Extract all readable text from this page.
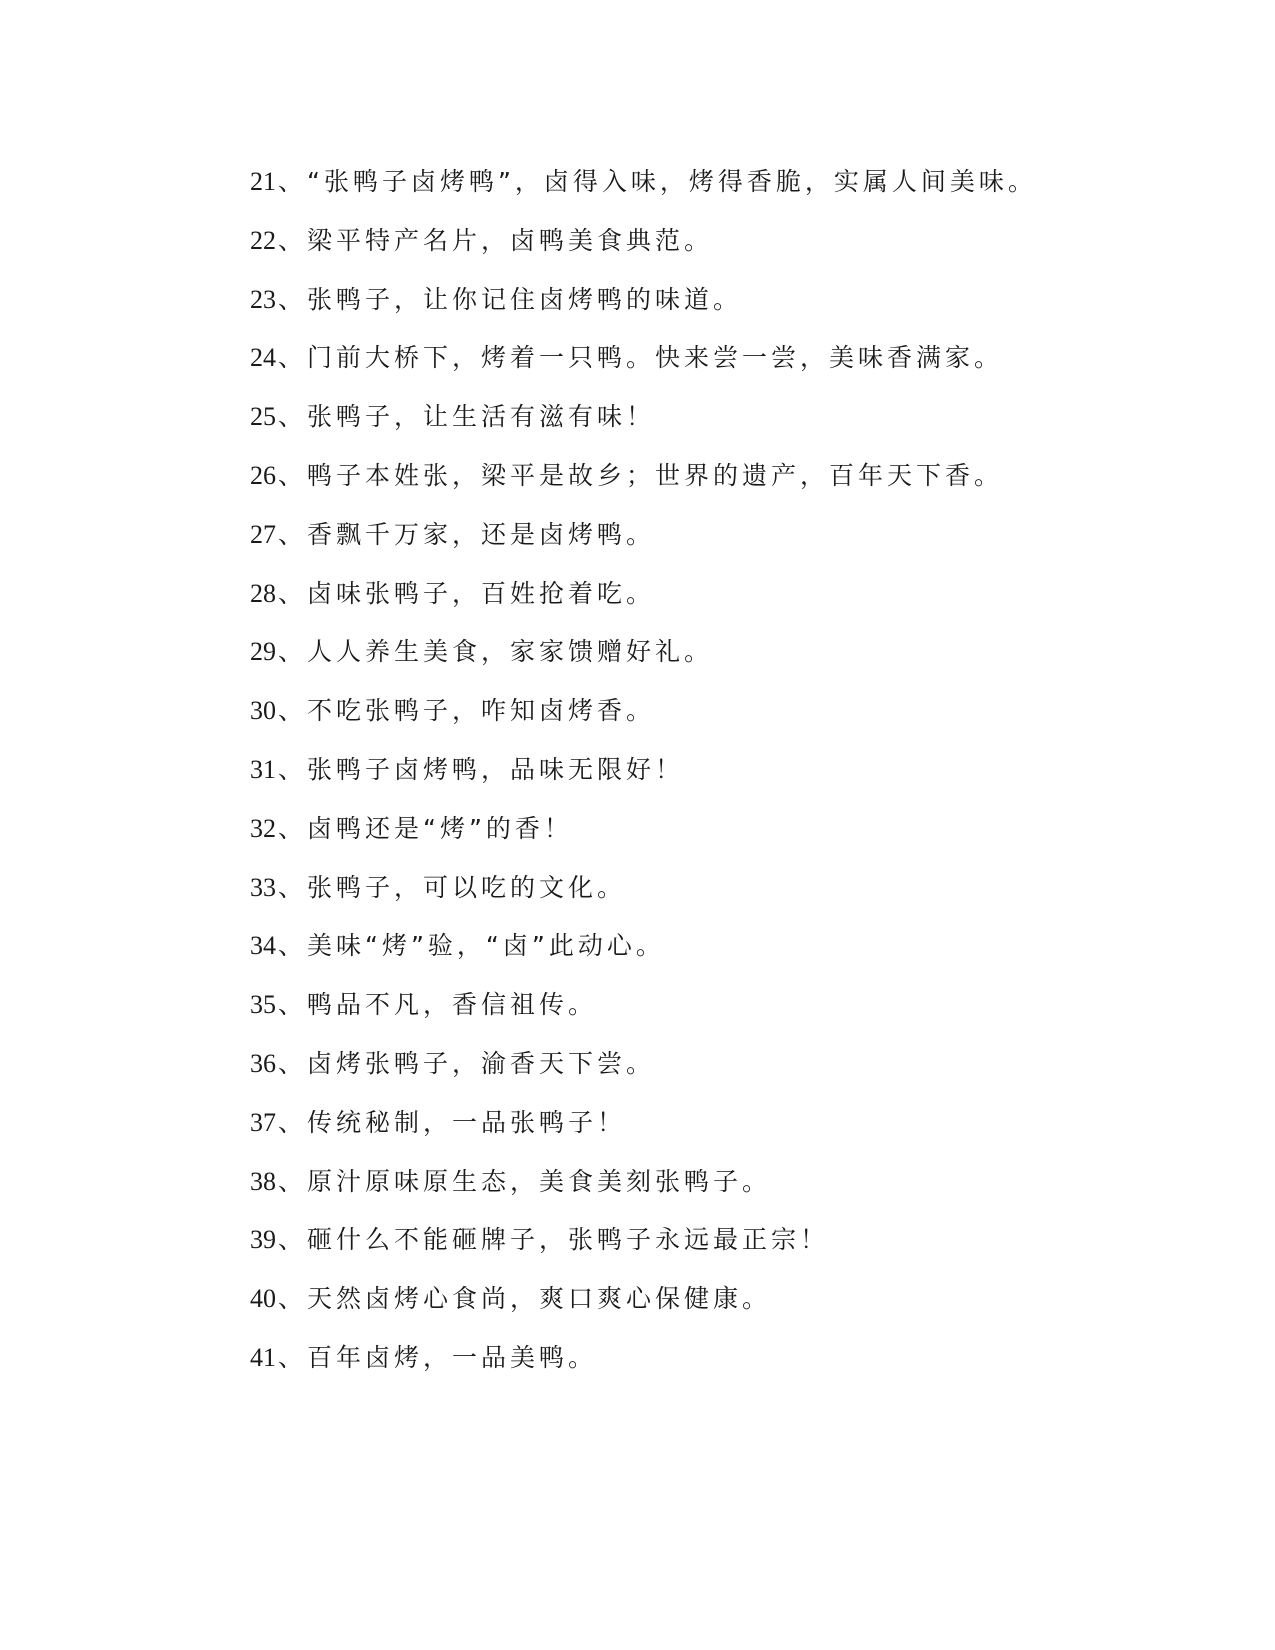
21 、 “张鸭子卤烤鸭”，卤得入味，烤得香脆，实属人间美味。
22 、 梁平特产名片，卤鸭美食典范。
23 、 张鸭子，让你记住卤烤鸭的味道。
24 、 门前大桥下，烤着一只鸭。快来尝一尝，美味香满家。
25 、 张鸭子，让生活有滋有味！
26 、 鸭子本姓张，梁平是故乡；世界的遗产，百年天下香。
27 、 香飘千万家，还是卤烤鸭。
28 、 卤味张鸭子，百姓抢着吃。
29 、 人人养生美食，家家馈赠好礼。
30 、 不吃张鸭子，咋知卤烤香。
31 、 张鸭子卤烤鸭，品味无限好！
32 、 卤鸭还是“烤”的香！
33 、 张鸭子，可以吃的文化。
34 、 美味“烤”验，“卤”此动心。
35 、 鸭品不凡，香信祖传。
36 、 卤烤张鸭子，渝香天下尝。
37 、 传统秘制，一品张鸭子！
38 、 原汁原味原生态，美食美刻张鸭子。
39 、 砸什么不能砸牌子，张鸭子永远最正宗！
40 、 天然卤烤心食尚，爽口爽心保健康。
41 、 百年卤烤，一品美鸭。
